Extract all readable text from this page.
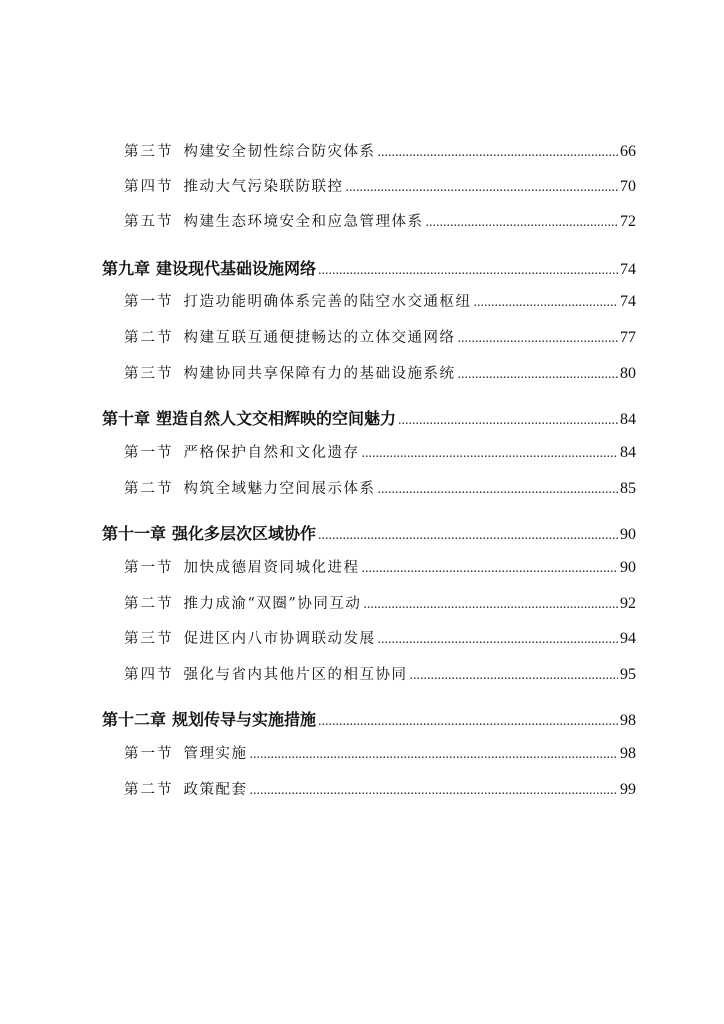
第三节 构建安全韧性综合防灾体系 .....	66
第四节 推动大气污染联防联控 .....	70
第五节 构建生态环境安全和应急管理体系 .....	72
第九章 建设现代基础设施网络 .....	74
第一节 打造功能明确体系完善的陆空水交通枢纽 .....	74
第二节 构建互联互通便捷畅达的立体交通网络 .....	77
第三节 构建协同共享保障有力的基础设施系统 .....	80
第十章 塑造自然人文交相辉映的空间魅力 .....	84
第一节 严格保护自然和文化遗存 .....	84
第二节 构筑全域魅力空间展示体系 .....	85
第十一章 强化多层次区域协作 .....	90
第一节 加快成德眉资同城化进程 .....	90
第二节 推力成渝“双圈”协同互动 .....	92
第三节 促进区内八市协调联动发展 .....	94
第四节 强化与省内其他片区的相互协同 .....	95
第十二章 规划传导与实施措施 .....	98
第一节 管理实施 .....	98
第二节 政策配套 .....	99
